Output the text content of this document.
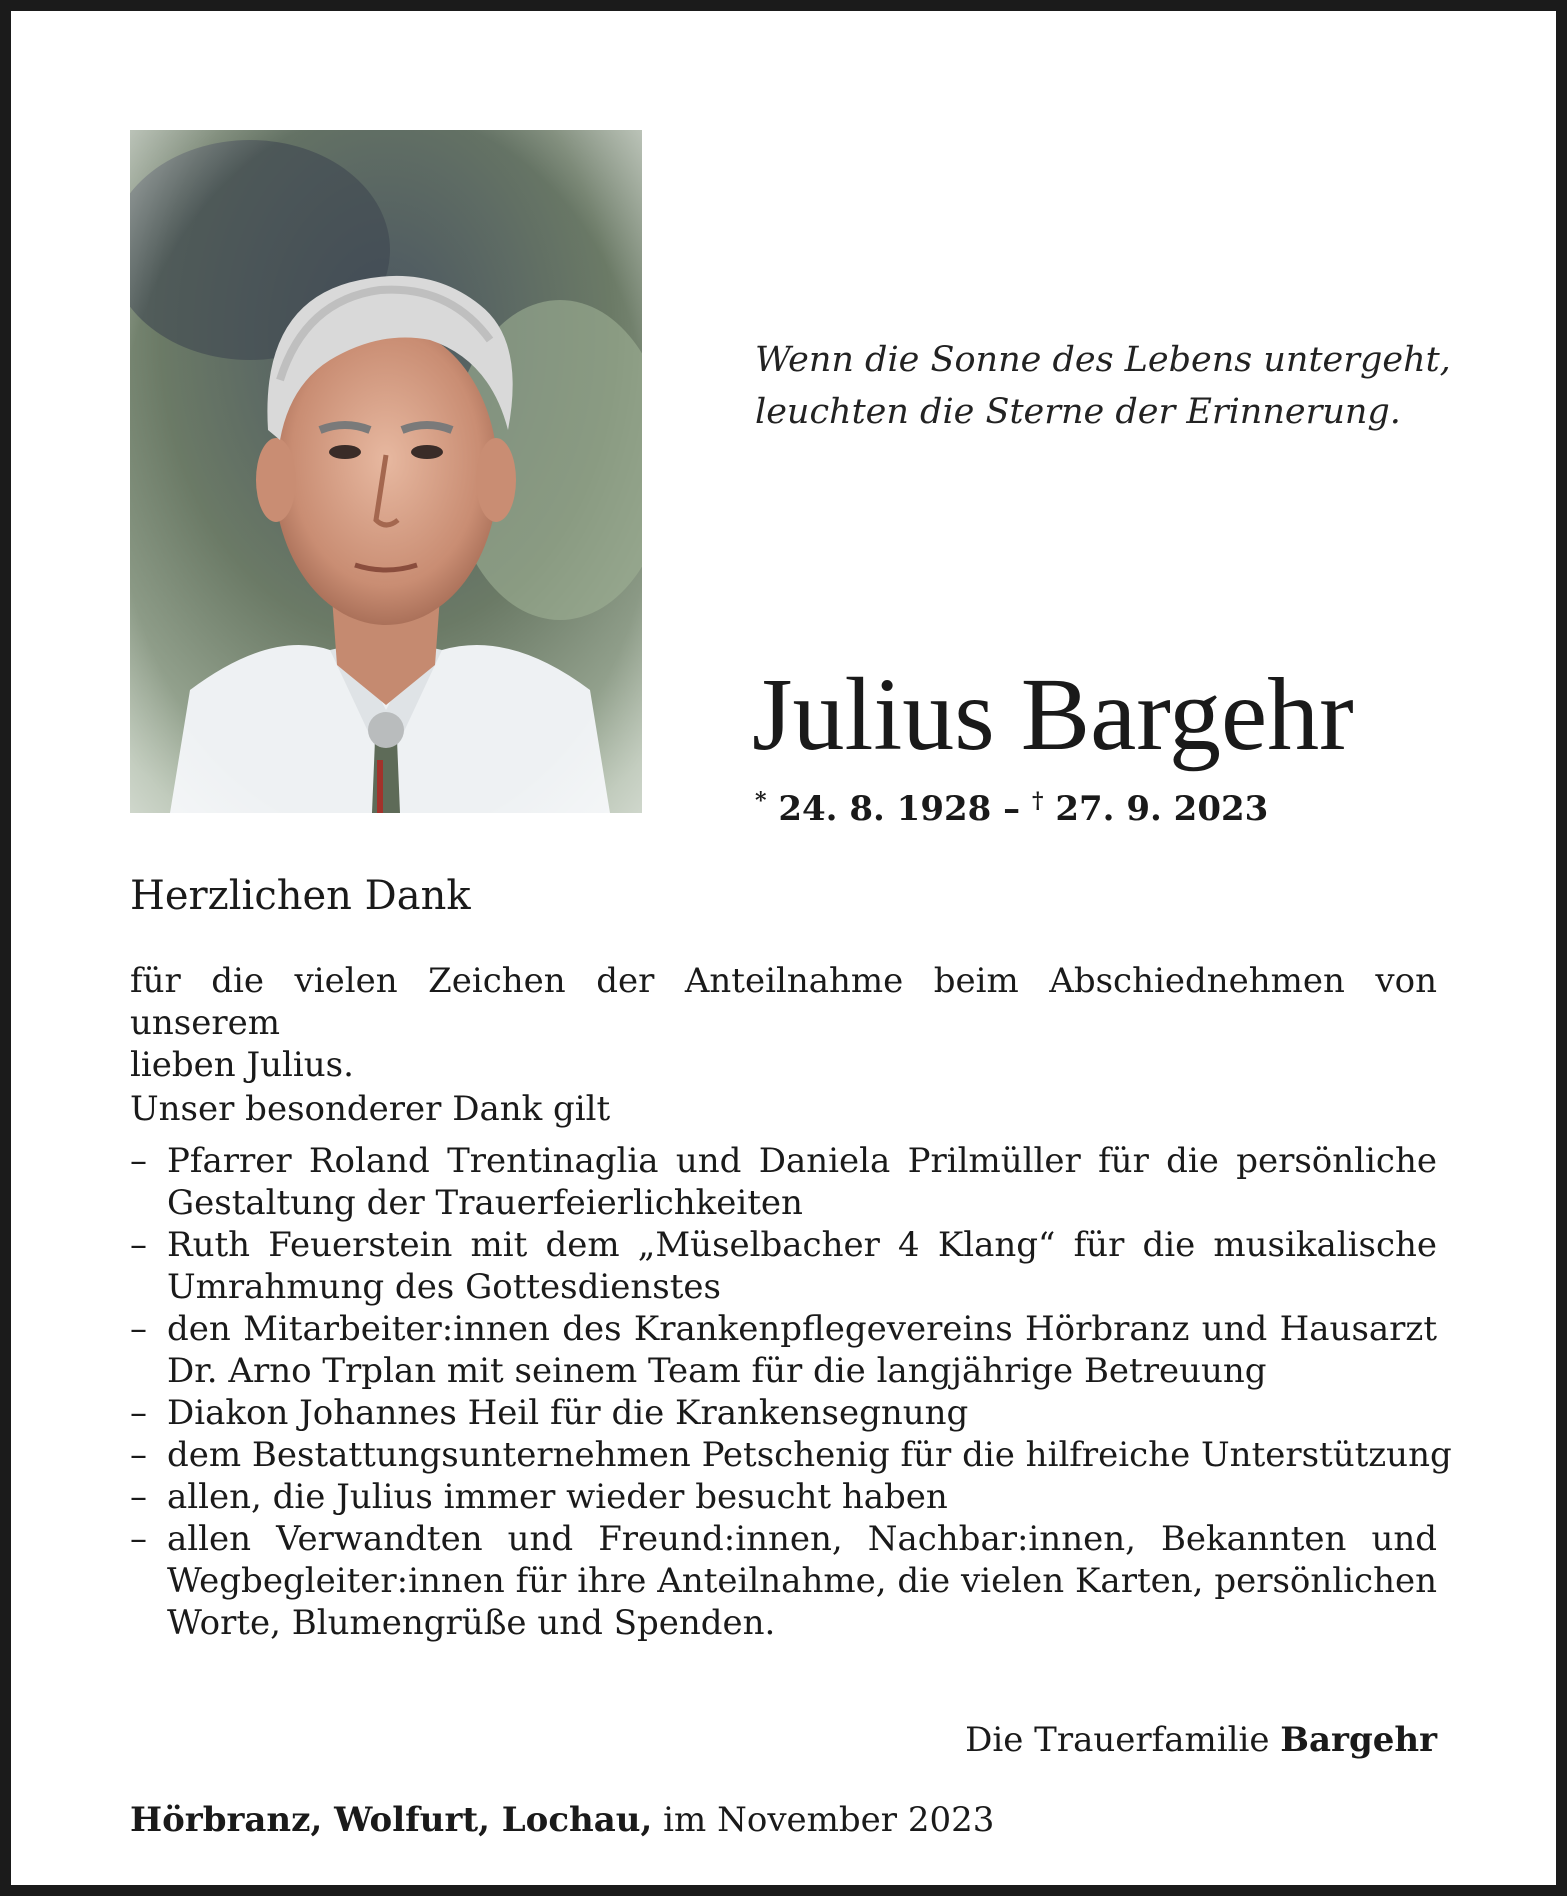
Wenn die Sonne des Lebens untergeht,
leuchten die Sterne der Erinnerung.
Julius Bargehr
* 24. 8. 1928 – † 27. 9. 2023
Herzlichen Dank
für die vielen Zeichen der Anteilnahme beim Abschiednehmen von unserem
lieben Julius.
Unser besonderer Dank gilt
– Pfarrer Roland Trentinaglia und Daniela Prilmüller für die persönliche
Gestaltung der Trauerfeierlichkeiten
– Ruth Feuerstein mit dem „Müselbacher 4 Klang“ für die musikalische
Umrahmung des Gottesdienstes
– den Mitarbeiter:innen des Krankenpflegevereins Hörbranz und Hausarzt
Dr. Arno Trplan mit seinem Team für die langjährige Betreuung
– Diakon Johannes Heil für die Krankensegnung
– dem Bestattungsunternehmen Petschenig für die hilfreiche Unterstützung
– allen, die Julius immer wieder besucht haben
– allen Verwandten und Freund:innen, Nachbar:innen, Bekannten und
Wegbegleiter:innen für ihre Anteilnahme, die vielen Karten, persönlichen
Worte, Blumengrüße und Spenden.
Die Trauerfamilie Bargehr
Hörbranz, Wolfurt, Lochau, im November 2023
